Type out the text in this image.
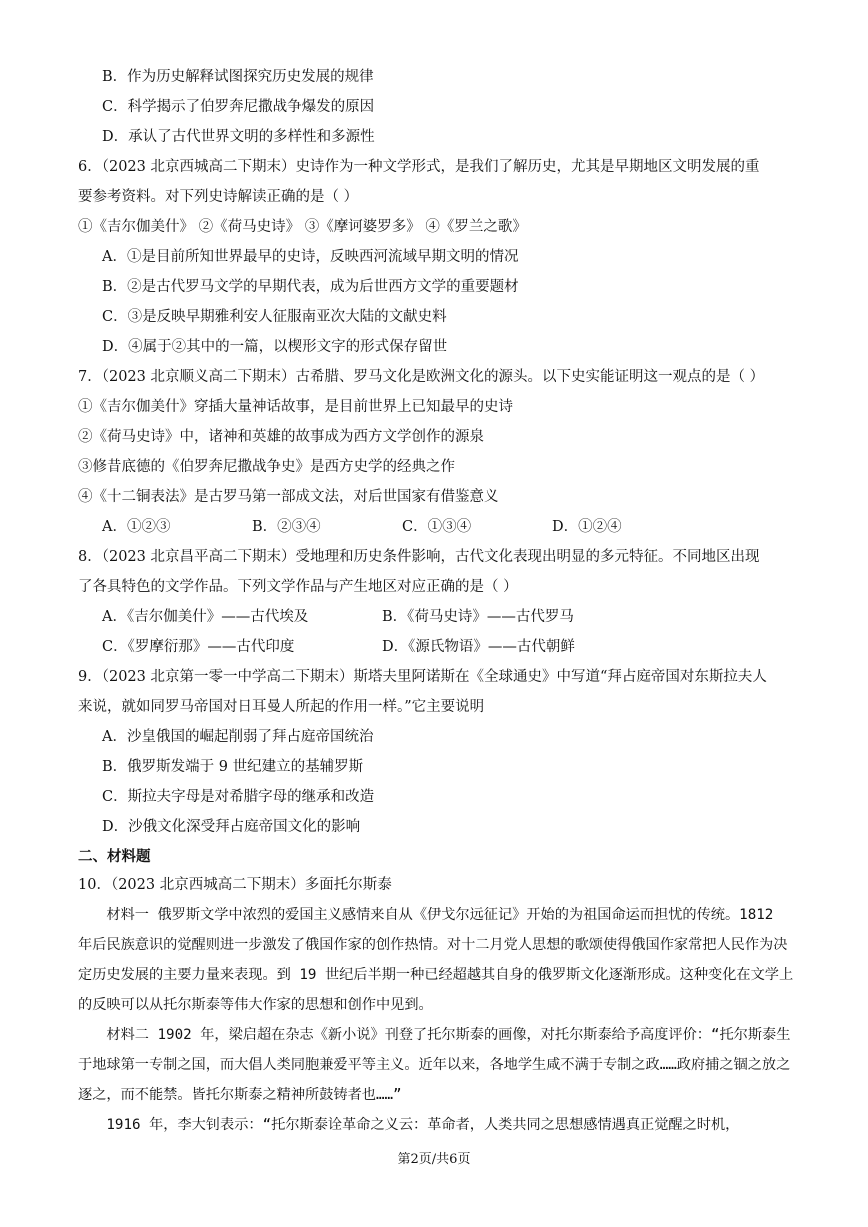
B．作为历史解释试图探究历史发展的规律
C．科学揭示了伯罗奔尼撒战争爆发的原因
D．承认了古代世界文明的多样性和多源性
6．（2023 北京西城高二下期末）史诗作为一种文学形式，是我们了解历史，尤其是早期地区文明发展的重
要参考资料。对下列史诗解读正确的是（ ）
①《吉尔伽美什》 ②《荷马史诗》 ③《摩诃婆罗多》 ④《罗兰之歌》
A．①是目前所知世界最早的史诗，反映西河流域早期文明的情况
B．②是古代罗马文学的早期代表，成为后世西方文学的重要题材
C．③是反映早期雅利安人征服南亚次大陆的文献史料
D．④属于②其中的一篇，以楔形文字的形式保存留世
7．（2023 北京顺义高二下期末）古希腊、罗马文化是欧洲文化的源头。以下史实能证明这一观点的是（ ）
①《吉尔伽美什》穿插大量神话故事，是目前世界上已知最早的史诗
②《荷马史诗》中，诸神和英雄的故事成为西方文学创作的源泉
③修昔底德的《伯罗奔尼撒战争史》是西方史学的经典之作
④《十二铜表法》是古罗马第一部成文法，对后世国家有借鉴意义
A．①②③	B．②③④	C．①③④	D．①②④
8．（2023 北京昌平高二下期末）受地理和历史条件影响，古代文化表现出明显的多元特征。不同地区出现
了各具特色的文学作品。下列文学作品与产生地区对应正确的是（ ）
A．《吉尔伽美什》——古代埃及	B．《荷马史诗》——古代罗马
C．《罗摩衍那》——古代印度	D．《源氏物语》——古代朝鲜
9．（2023 北京第一零一中学高二下期末）斯塔夫里阿诺斯在《全球通史》中写道“拜占庭帝国对东斯拉夫人
来说，就如同罗马帝国对日耳曼人所起的作用一样。”它主要说明
A．沙皇俄国的崛起削弱了拜占庭帝国统治
B．俄罗斯发端于 9 世纪建立的基辅罗斯
C．斯拉夫字母是对希腊字母的继承和改造
D．沙俄文化深受拜占庭帝国文化的影响
二、材料题
10．（2023 北京西城高二下期末）多面托尔斯泰
材料一 俄罗斯文学中浓烈的爱国主义感情来自从《伊戈尔远征记》开始的为祖国命运而担忧的传统。1812 年后民族意识的觉醒则进一步激发了俄国作家的创作热情。对十二月党人思想的歌颂使得俄国作家常把人民作为决定历史发展的主要力量来表现。到 19 世纪后半期一种已经超越其自身的俄罗斯文化逐渐形成。这种变化在文学上的反映可以从托尔斯泰等伟大作家的思想和创作中见到。
材料二 1902 年，梁启超在杂志《新小说》刊登了托尔斯泰的画像，对托尔斯泰给予高度评价：“托尔斯泰生于地球第一专制之国，而大倡人类同胞兼爱平等主义。近年以来，各地学生咸不满于专制之政……政府捕之锢之放之逐之，而不能禁。皆托尔斯泰之精神所鼓铸者也……”
1916 年，李大钊表示：“托尔斯泰诠革命之义云：革命者，人类共同之思想感情遇真正觉醒之时机，
第2页/共6页
